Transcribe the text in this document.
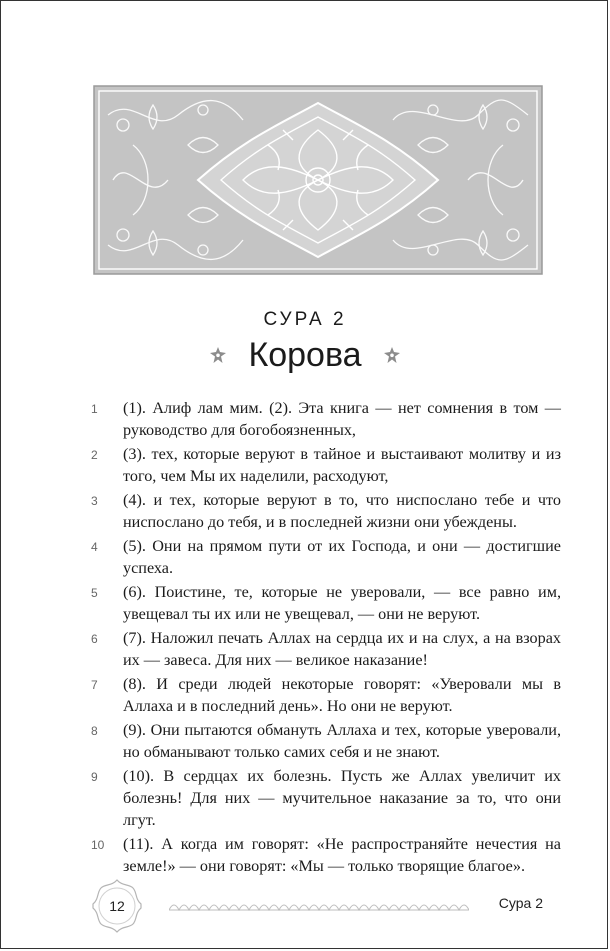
СУРА 2
Корова
1 (1). Алиф лам мим. (2). Эта книга — нет сомнения в том — руководство для богобоязненных,
2 (3). тех, которые веруют в тайное и выстаивают молитву и из того, чем Мы их наделили, расходуют,
3 (4). и тех, которые веруют в то, что ниспослано тебе и что ниспослано до тебя, и в последней жизни они убеждены.
4 (5). Они на прямом пути от их Господа, и они — достигшие успеха.
5 (6). Поистине, те, которые не уверовали, — все равно им, увещевал ты их или не увещевал, — они не веруют.
6 (7). Наложил печать Аллах на сердца их и на слух, а на взорах их — завеса. Для них — великое наказание!
7 (8). И среди людей некоторые говорят: «Уверовали мы в Аллаха и в последний день». Но они не веруют.
8 (9). Они пытаются обмануть Аллаха и тех, которые уверовали, но обманывают только самих себя и не знают.
9 (10). В сердцах их болезнь. Пусть же Аллах увеличит их болезнь! Для них — мучительное наказание за то, что они лгут.
10 (11). А когда им говорят: «Не распространяйте нечестия на земле!» — они говорят: «Мы — только творящие благое».
12	Сура 2
